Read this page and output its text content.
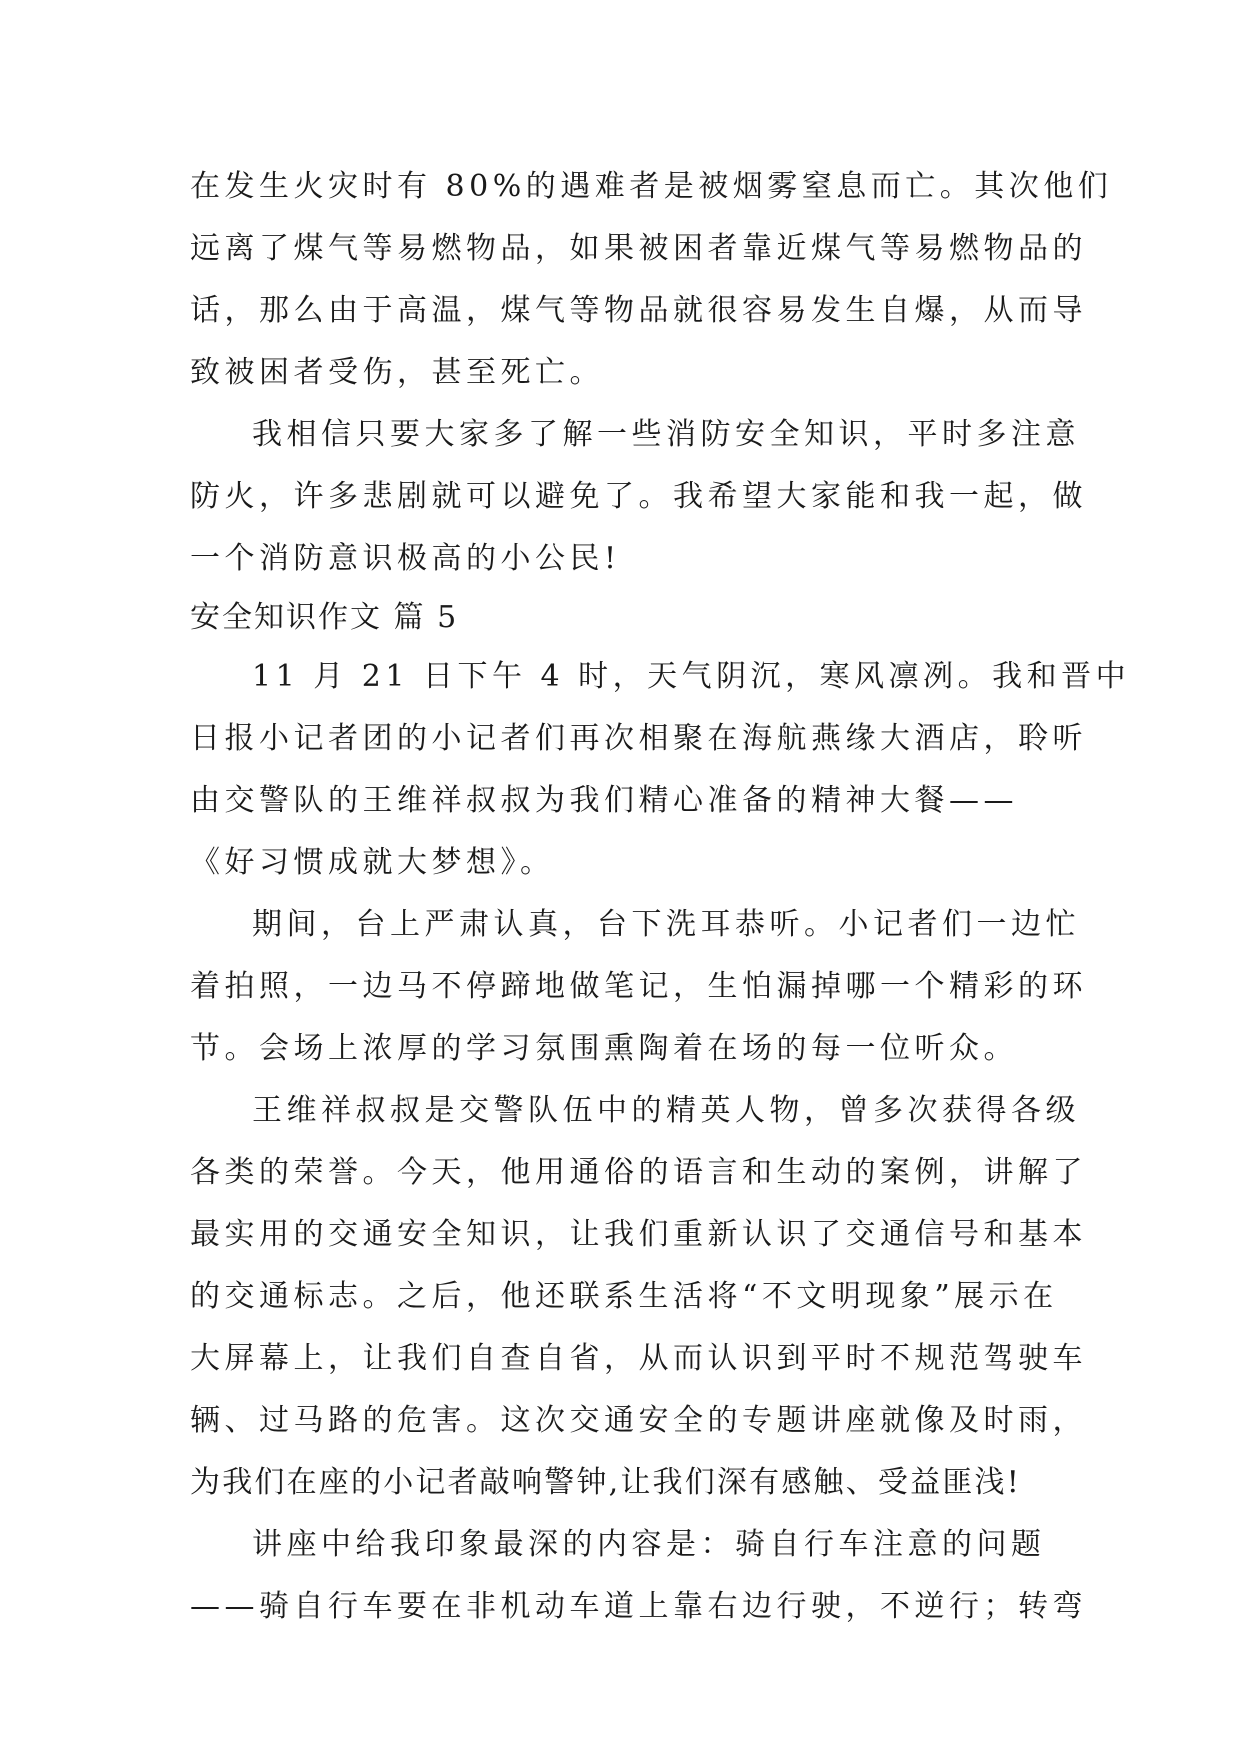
在发生火灾时有 80%的遇难者是被烟雾窒息而亡。其次他们
远离了煤气等易燃物品，如果被困者靠近煤气等易燃物品的
话，那么由于高温，煤气等物品就很容易发生自爆，从而导
致被困者受伤，甚至死亡。
我相信只要大家多了解一些消防安全知识，平时多注意
防火，许多悲剧就可以避免了。我希望大家能和我一起，做
一个消防意识极高的小公民!
安全知识作文 篇 5
11 月 21 日下午 4 时，天气阴沉，寒风凛冽。我和晋中
日报小记者团的小记者们再次相聚在海航燕缘大酒店，聆听
由交警队的王维祥叔叔为我们精心准备的精神大餐——
《好习惯成就大梦想》。
期间，台上严肃认真，台下洗耳恭听。小记者们一边忙
着拍照，一边马不停蹄地做笔记，生怕漏掉哪一个精彩的环
节。会场上浓厚的学习氛围熏陶着在场的每一位听众。
王维祥叔叔是交警队伍中的精英人物，曾多次获得各级
各类的荣誉。今天，他用通俗的语言和生动的案例，讲解了
最实用的交通安全知识，让我们重新认识了交通信号和基本
的交通标志。之后，他还联系生活将“不文明现象”展示在
大屏幕上，让我们自查自省，从而认识到平时不规范驾驶车
辆、过马路的危害。这次交通安全的专题讲座就像及时雨，
为我们在座的小记者敲响警钟,让我们深有感触、受益匪浅!
讲座中给我印象最深的内容是：骑自行车注意的问题
——骑自行车要在非机动车道上靠右边行驶，不逆行；转弯
